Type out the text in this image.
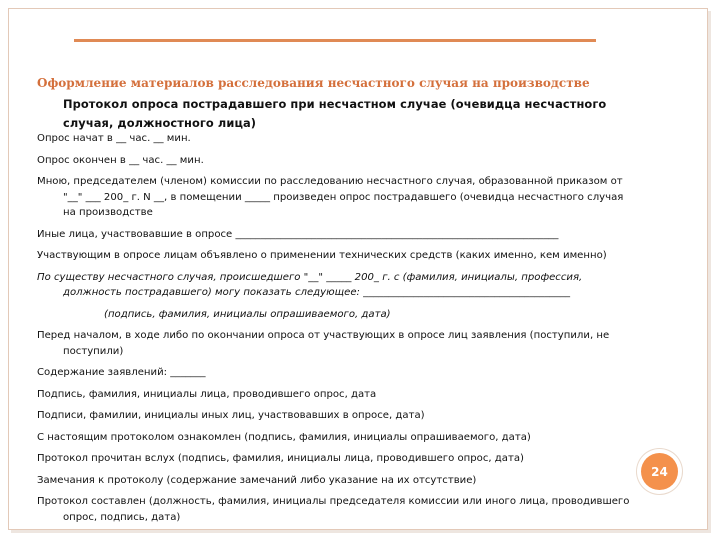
Оформление материалов расследования несчастного случая на производстве
Протокол опроса пострадавшего при несчастном случае (очевидца несчастного случая, должностного лица)

Опрос начат в __ час. __ мин.

Опрос окончен в __ час. __ мин.

Мною, председателем (членом) комиссии по расследованию несчастного случая, образованной приказом от "__" ___ 200_ г. N __, в помещении _____ произведен опрос пострадавшего (очевидца несчастного случая на производстве

Иные лица, участвовавшие в опросе ________________________________________________________________

Участвующим в опросе лицам объявлено о применении технических средств (каких именно, кем именно)

По существу несчастного случая, происшедшего "__" _____ 200_ г. с (фамилия, инициалы, профессия, должность пострадавшего) могу показать следующее: _________________________________________

(подпись, фамилия, инициалы опрашиваемого, дата)

Перед началом, в ходе либо по окончании опроса от участвующих в опросе лиц заявления (поступили, не поступили)

Содержание заявлений: _______

Подпись, фамилия, инициалы лица, проводившего опрос, дата

Подписи, фамилии, инициалы иных лиц, участвовавших в опросе, дата)

С настоящим протоколом ознакомлен (подпись, фамилия, инициалы опрашиваемого, дата)

Протокол прочитан вслух (подпись, фамилия, инициалы лица, проводившего опрос, дата)

Замечания к протоколу (содержание замечаний либо указание на их отсутствие)

Протокол составлен (должность, фамилия, инициалы председателя комиссии или иного лица, проводившего опрос, подпись, дата)

24
